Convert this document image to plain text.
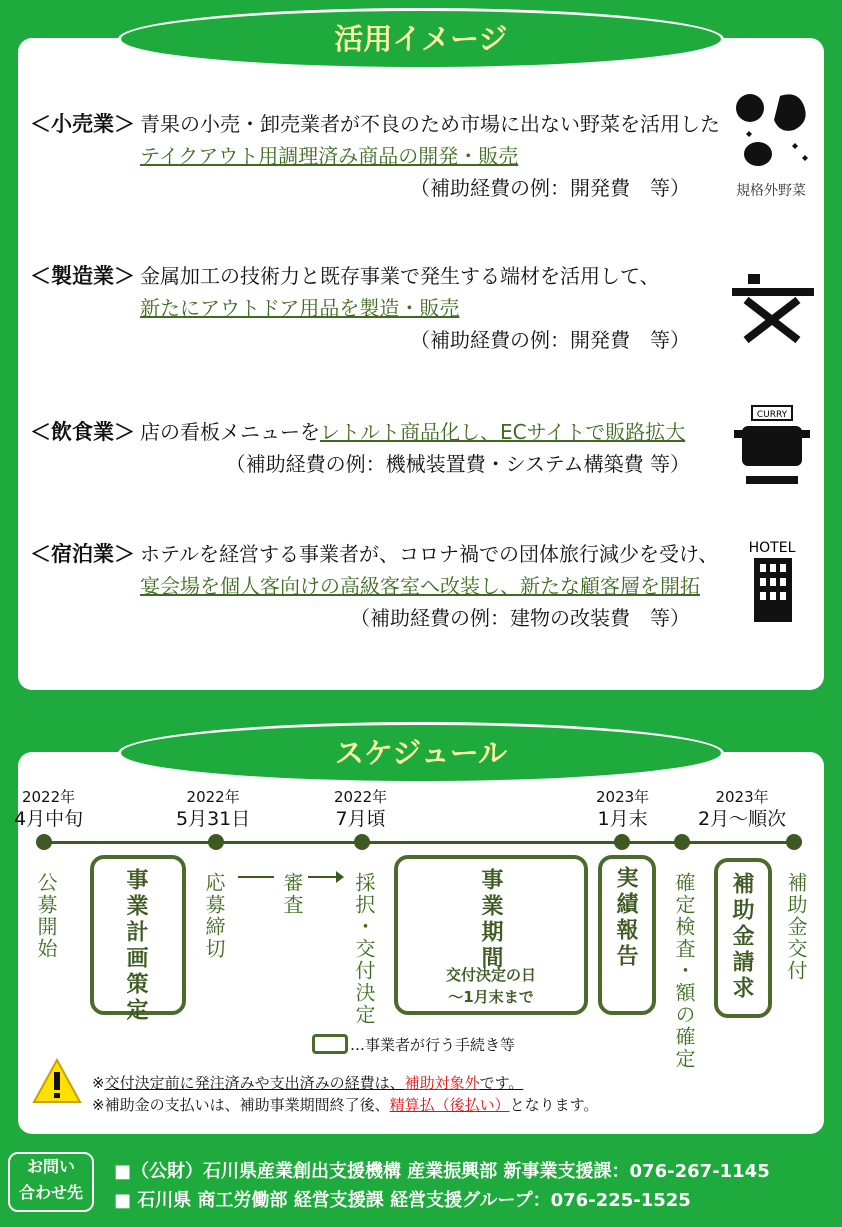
＜小売業＞ 青果の小売・卸売業者が不良のため市場に出ない野菜を活用した
テイクアウト用調理済み商品の開発・販売
（補助経費の例：開発費　等）	規格外野菜
＜製造業＞ 金属加工の技術力と既存事業で発生する端材を活用して、
新たにアウトドア用品を製造・販売
（補助経費の例：開発費　等）
＜飲食業＞ 店の看板メニューをレトルト商品化し、ECサイトで販路拡大
（補助経費の例：機械装置費・システム構築費 等）
CURRY
＜宿泊業＞ ホテルを経営する事業者が、コロナ禍での団体旅行減少を受け、
宴会場を個人客向けの高級客室へ改装し、新たな顧客層を開拓
（補助経費の例：建物の改装費　等）
HOTEL
活用イメージ
スケジュール
2022年
4月中旬
2022年
5月31日
2022年
7月頃
2023年
1月末
2023年
2月～順次
公募開始	事業計画策定	応募締切	審査 採択・交付決定	事業期間
交付決定の日
～1月末まで
実績報告 確定検査・額の確定 補助金請求 補助金交付
…事業者が行う手続き等
※交付決定前に発注済みや支出済みの経費は、補助対象外です。
※補助金の支払いは、補助事業期間終了後、精算払（後払い）となります。
お問い
合わせ先
■（公財）石川県産業創出支援機構 産業振興部 新事業支援課：076-267-1145
■ 石川県 商工労働部 経営支援課 経営支援グループ：076-225-1525
